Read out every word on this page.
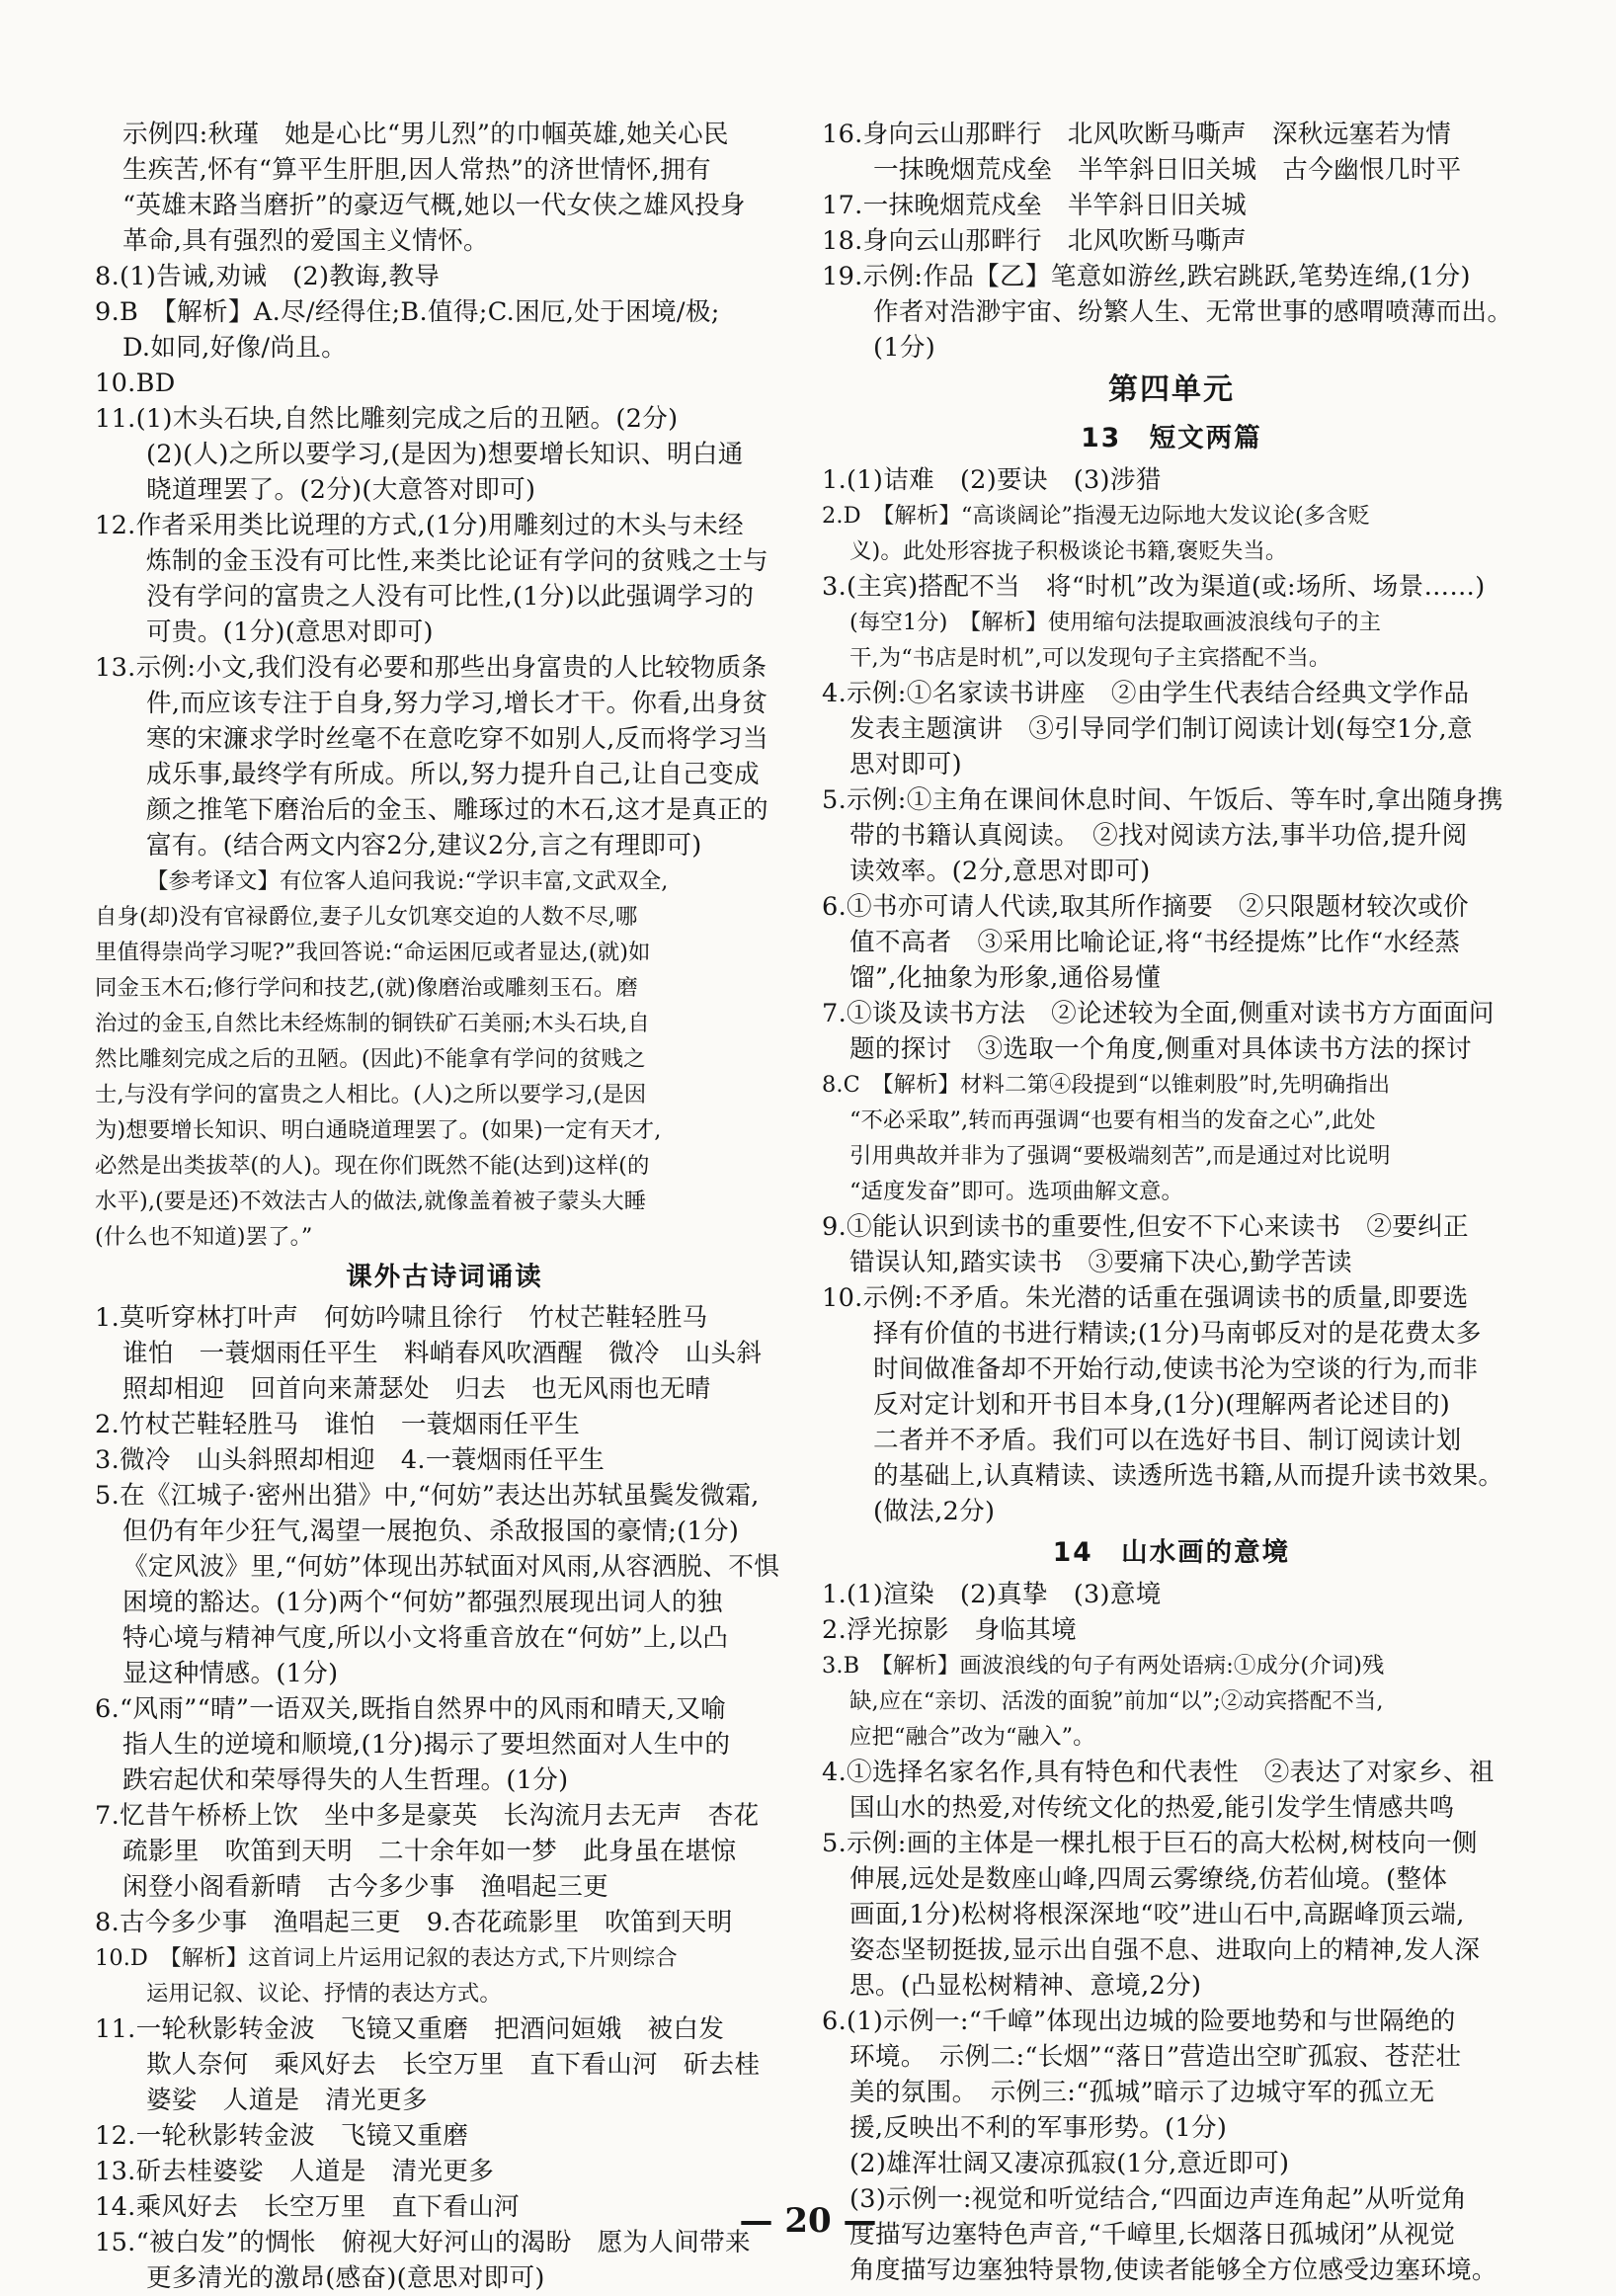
示例四:秋瑾　她是心比“男儿烈”的巾帼英雄,她关心民
生疾苦,怀有“算平生肝胆,因人常热”的济世情怀,拥有
“英雄末路当磨折”的豪迈气概,她以一代女侠之雄风投身
革命,具有强烈的爱国主义情怀。
8.(1)告诫,劝诫　(2)教诲,教导
9.B　【解析】A.尽/经得住;B.值得;C.困厄,处于困境/极;
D.如同,好像/尚且。
10.BD
11.(1)木头石块,自然比雕刻完成之后的丑陋。(2分)
(2)(人)之所以要学习,(是因为)想要增长知识、明白通
晓道理罢了。(2分)(大意答对即可)
12.作者采用类比说理的方式,(1分)用雕刻过的木头与未经
炼制的金玉没有可比性,来类比论证有学问的贫贱之士与
没有学问的富贵之人没有可比性,(1分)以此强调学习的
可贵。(1分)(意思对即可)
13.示例:小文,我们没有必要和那些出身富贵的人比较物质条
件,而应该专注于自身,努力学习,增长才干。你看,出身贫
寒的宋濂求学时丝毫不在意吃穿不如别人,反而将学习当
成乐事,最终学有所成。所以,努力提升自己,让自己变成
颜之推笔下磨治后的金玉、雕琢过的木石,这才是真正的
富有。(结合两文内容2分,建议2分,言之有理即可)
【参考译文】有位客人追问我说:“学识丰富,文武双全,
自身(却)没有官禄爵位,妻子儿女饥寒交迫的人数不尽,哪
里值得崇尚学习呢?”我回答说:“命运困厄或者显达,(就)如
同金玉木石;修行学问和技艺,(就)像磨治或雕刻玉石。磨
治过的金玉,自然比未经炼制的铜铁矿石美丽;木头石块,自
然比雕刻完成之后的丑陋。(因此)不能拿有学问的贫贱之
士,与没有学问的富贵之人相比。(人)之所以要学习,(是因
为)想要增长知识、明白通晓道理罢了。(如果)一定有天才,
必然是出类拔萃(的人)。现在你们既然不能(达到)这样(的
水平),(要是还)不效法古人的做法,就像盖着被子蒙头大睡
(什么也不知道)罢了。”
课外古诗词诵读
1.莫听穿林打叶声　何妨吟啸且徐行　竹杖芒鞋轻胜马
谁怕　一蓑烟雨任平生　料峭春风吹酒醒　微冷　山头斜
照却相迎　回首向来萧瑟处　归去　也无风雨也无晴
2.竹杖芒鞋轻胜马　谁怕　一蓑烟雨任平生
3.微冷　山头斜照却相迎　4.一蓑烟雨任平生
5.在《江城子·密州出猎》中,“何妨”表达出苏轼虽鬓发微霜,
但仍有年少狂气,渴望一展抱负、杀敌报国的豪情;(1分)
《定风波》里,“何妨”体现出苏轼面对风雨,从容洒脱、不惧
困境的豁达。(1分)两个“何妨”都强烈展现出词人的独
特心境与精神气度,所以小文将重音放在“何妨”上,以凸
显这种情感。(1分)
6.“风雨”“晴”一语双关,既指自然界中的风雨和晴天,又喻
指人生的逆境和顺境,(1分)揭示了要坦然面对人生中的
跌宕起伏和荣辱得失的人生哲理。(1分)
7.忆昔午桥桥上饮　坐中多是豪英　长沟流月去无声　杏花
疏影里　吹笛到天明　二十余年如一梦　此身虽在堪惊
闲登小阁看新晴　古今多少事　渔唱起三更
8.古今多少事　渔唱起三更　9.杏花疏影里　吹笛到天明
10.D　【解析】这首词上片运用记叙的表达方式,下片则综合
运用记叙、议论、抒情的表达方式。
11.一轮秋影转金波　飞镜又重磨　把酒问姮娥　被白发
欺人奈何　乘风好去　长空万里　直下看山河　斫去桂
婆娑　人道是　清光更多
12.一轮秋影转金波　飞镜又重磨
13.斫去桂婆娑　人道是　清光更多
14.乘风好去　长空万里　直下看山河
15.“被白发”的惆怅　俯视大好河山的渴盼　愿为人间带来
更多清光的激昂(感奋)(意思对即可)
16.身向云山那畔行　北风吹断马嘶声　深秋远塞若为情
一抹晚烟荒戍垒　半竿斜日旧关城　古今幽恨几时平
17.一抹晚烟荒戍垒　半竿斜日旧关城
18.身向云山那畔行　北风吹断马嘶声
19.示例:作品【乙】笔意如游丝,跌宕跳跃,笔势连绵,(1分)
作者对浩渺宇宙、纷繁人生、无常世事的感喟喷薄而出。
(1分)
第四单元
13　短文两篇
1.(1)诘难　(2)要诀　(3)涉猎
2.D　【解析】“高谈阔论”指漫无边际地大发议论(多含贬
义)。此处形容拢子积极谈论书籍,褒贬失当。
3.(主宾)搭配不当　将“时机”改为渠道(或:场所、场景……)
(每空1分)　【解析】使用缩句法提取画波浪线句子的主
干,为“书店是时机”,可以发现句子主宾搭配不当。
4.示例:①名家读书讲座　②由学生代表结合经典文学作品
发表主题演讲　③引导同学们制订阅读计划(每空1分,意
思对即可)
5.示例:①主角在课间休息时间、午饭后、等车时,拿出随身携
带的书籍认真阅读。　②找对阅读方法,事半功倍,提升阅
读效率。(2分,意思对即可)
6.①书亦可请人代读,取其所作摘要　②只限题材较次或价
值不高者　③采用比喻论证,将“书经提炼”比作“水经蒸
馏”,化抽象为形象,通俗易懂
7.①谈及读书方法　②论述较为全面,侧重对读书方方面面问
题的探讨　③选取一个角度,侧重对具体读书方法的探讨
8.C　【解析】材料二第④段提到“以锥刺股”时,先明确指出
“不必采取”,转而再强调“也要有相当的发奋之心”,此处
引用典故并非为了强调“要极端刻苦”,而是通过对比说明
“适度发奋”即可。选项曲解文意。
9.①能认识到读书的重要性,但安不下心来读书　②要纠正
错误认知,踏实读书　③要痛下决心,勤学苦读
10.示例:不矛盾。朱光潜的话重在强调读书的质量,即要选
择有价值的书进行精读;(1分)马南邨反对的是花费太多
时间做准备却不开始行动,使读书沦为空谈的行为,而非
反对定计划和开书目本身,(1分)(理解两者论述目的)
二者并不矛盾。我们可以在选好书目、制订阅读计划
的基础上,认真精读、读透所选书籍,从而提升读书效果。
(做法,2分)
14　山水画的意境
1.(1)渲染　(2)真挚　(3)意境
2.浮光掠影　身临其境
3.B　【解析】画波浪线的句子有两处语病:①成分(介词)残
缺,应在“亲切、活泼的面貌”前加“以”;②动宾搭配不当,
应把“融合”改为“融入”。
4.①选择名家名作,具有特色和代表性　②表达了对家乡、祖
国山水的热爱,对传统文化的热爱,能引发学生情感共鸣
5.示例:画的主体是一棵扎根于巨石的高大松树,树枝向一侧
伸展,远处是数座山峰,四周云雾缭绕,仿若仙境。(整体
画面,1分)松树将根深深地“咬”进山石中,高踞峰顶云端,
姿态坚韧挺拔,显示出自强不息、进取向上的精神,发人深
思。(凸显松树精神、意境,2分)
6.(1)示例一:“千嶂”体现出边城的险要地势和与世隔绝的
环境。　示例二:“长烟”“落日”营造出空旷孤寂、苍茫壮
美的氛围。　示例三:“孤城”暗示了边城守军的孤立无
援,反映出不利的军事形势。(1分)
(2)雄浑壮阔又凄凉孤寂(1分,意近即可)
(3)示例一:视觉和听觉结合,“四面边声连角起”从听觉角
度描写边塞特色声音,“千嶂里,长烟落日孤城闭”从视觉
角度描写边塞独特景物,使读者能够全方位感受边塞环境。
— 20 —
